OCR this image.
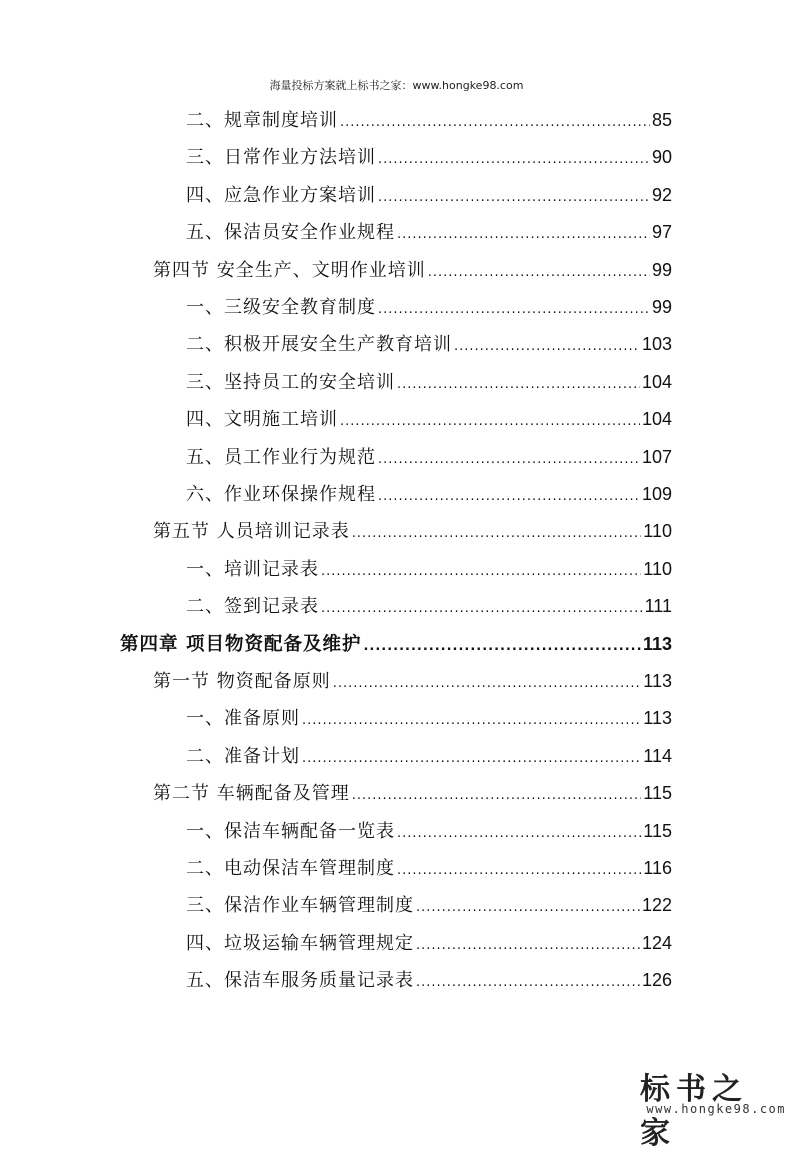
海量投标方案就上标书之家：www.hongke98.com
二、规章制度培训 .....	85
三、日常作业方法培训 .....	90
四、应急作业方案培训 .....	92
五、保洁员安全作业规程 .....	97
第四节 安全生产、文明作业培训 .....	99
一、三级安全教育制度 .....	99
二、积极开展安全生产教育培训 .....	103
三、坚持员工的安全培训 .....	104
四、文明施工培训 .....	104
五、员工作业行为规范 .....	107
六、作业环保操作规程 .....	109
第五节 人员培训记录表 .....	110
一、培训记录表 .....	110
二、签到记录表 .....	111
第四章 项目物资配备及维护 .....	113
第一节 物资配备原则 .....	113
一、准备原则 .....	113
二、准备计划 .....	114
第二节 车辆配备及管理 .....	115
一、保洁车辆配备一览表 .....	115
二、电动保洁车管理制度 .....	116
三、保洁作业车辆管理制度 .....	122
四、垃圾运输车辆管理规定 .....	124
五、保洁车服务质量记录表 .....	126
标书之家
www.hongke98.com
